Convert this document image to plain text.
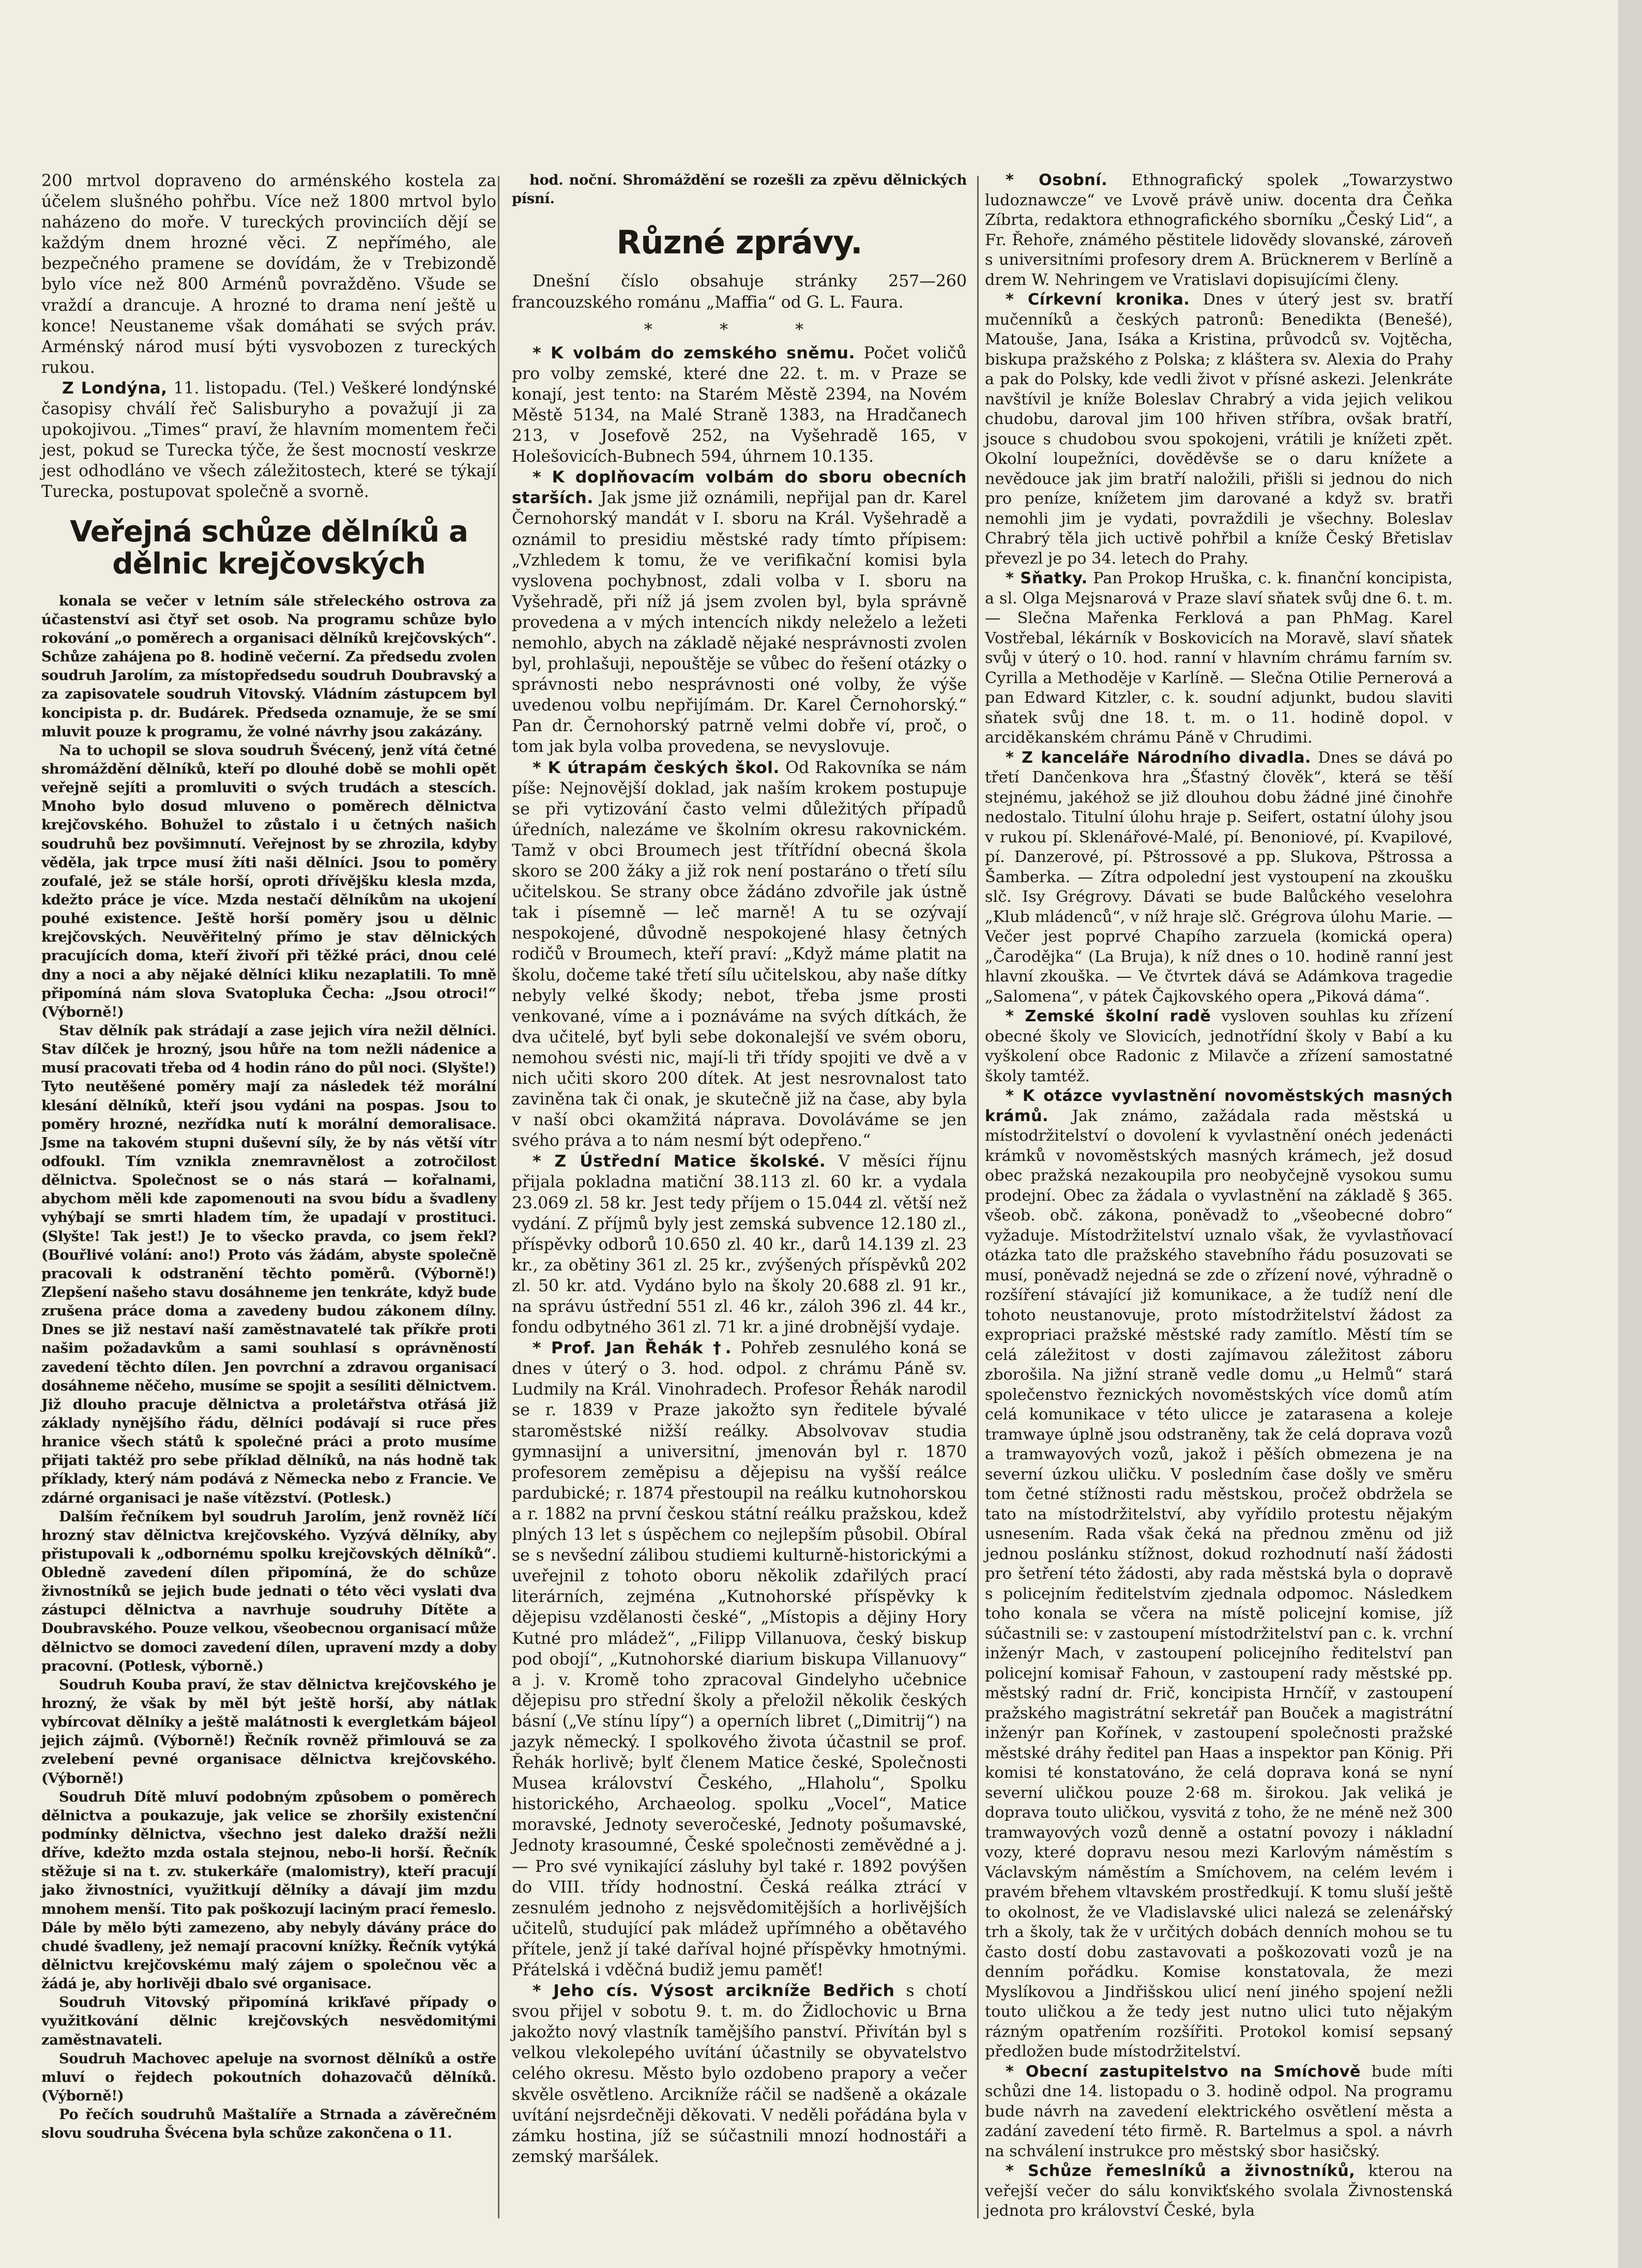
200 mrtvol dopraveno do arménského kostela za účelem slušného pohřbu. Více než 1800 mrtvol bylo naházeno do moře. V tureckých provinciích dějí se každým dnem hrozné věci. Z nepřímého, ale bezpečného pramene se dovídám, že v Trebizondě bylo více než 800 Arménů povražděno. Všude se vraždí a drancuje. A hrozné to drama není ještě u konce! Neustaneme však domáhati se svých práv. Arménský národ musí býti vysvobozen z tureckých rukou.

Z Londýna, 11. listopadu. (Tel.) Veškeré londýnské časopisy chválí řeč Salisburyho a považují ji za upokojivou. „Times“ praví, že hlavním momentem řeči jest, pokud se Turecka týče, že šest mocností veskrze jest odhodláno ve všech záležitostech, které se týkají Turecka, postupovat společně a svorně.

Veřejná schůze dělníků a dělnic krejčovských

konala se večer v letním sále střeleckého ostrova za účastenství asi čtyř set osob. Na programu schůze bylo rokování „o poměrech a organisaci dělníků krejčovských“. Schůze zahájena po 8. hodině večerní. Za předsedu zvolen soudruh Jarolím, za místopředsedu soudruh Doubravský a za zapisovatele soudruh Vitovský. Vládním zástupcem byl koncipista p. dr. Budárek. Předseda oznamuje, že se smí mluvit pouze k programu, že volné návrhy jsou zakázány.

Na to uchopil se slova soudruh Švécený, jenž vítá četné shromáždění dělníků, kteří po dlouhé době se mohli opět veřejně sejíti a promluviti o svých trudách a stescích. Mnoho bylo dosud mluveno o poměrech dělnictva krejčovského. Bohužel to zůstalo i u četných našich soudruhů bez povšimnutí. Veřejnost by se zhrozila, kdyby věděla, jak trpce musí žíti naši dělníci. Jsou to poměry zoufalé, jež se stále horší, oproti dřívějšku klesla mzda, kdežto práce je více. Mzda nestačí dělníkům na ukojení pouhé existence. Ještě horší poměry jsou u dělnic krejčovských. Neuvěřitelný přímo je stav dělnických pracujících doma, kteří živoří při těžké práci, dnou celé dny a noci a aby nějaké dělníci kliku nezaplatili. To mně připomíná nám slova Svatopluka Čecha: „Jsou otroci!“ (Výborně!)

Stav dělník pak strádají a zase jejich víra nežil dělníci. Stav dílček je hrozný, jsou hůře na tom nežli nádenice a musí pracovati třeba od 4 hodin ráno do půl noci. (Slyšte!) Tyto neutěšené poměry mají za následek též morální klesání dělníků, kteří jsou vydáni na pospas. Jsou to poměry hrozné, nezřídka nutí k morální demoralisace. Jsme na takovém stupni duševní síly, že by nás větší vítr odfoukl. Tím vznikla znemravnělost a zotročilost dělnictva. Společnost se o nás stará — kořalnami, abychom měli kde zapomenouti na svou bídu a švadleny vyhýbají se smrti hladem tím, že upadají v prostituci. (Slyšte! Tak jest!) Je to všecko pravda, co jsem řekl? (Bouřlivé volání: ano!) Proto vás žádám, abyste společně pracovali k odstranění těchto poměrů. (Výborně!) Zlepšení našeho stavu dosáhneme jen tenkráte, když bude zrušena práce doma a zavedeny budou zákonem dílny. Dnes se již nestaví naší zaměstnavatelé tak příkře proti našim požadavkům a sami souhlasí s oprávněností zavedení těchto dílen. Jen povrchní a zdravou organisací dosáhneme něčeho, musíme se spojit a sesíliti dělnictvem. Již dlouho pracuje dělnictva a proletářstva otřásá již základy nynějšího řádu, dělníci podávají si ruce přes hranice všech států k společné práci a proto musíme přijati taktéž pro sebe příklad dělníků, na nás hodně tak příklady, který nám podává z Německa nebo z Francie. Ve zdárné organisaci je naše vítězství. (Potlesk.)

Dalším řečníkem byl soudruh Jarolím, jenž rovněž líčí hrozný stav dělnictva krejčovského. Vyzývá dělníky, aby přistupovali k „odbornému spolku krejčovských dělníků“. Obledně zavedení dílen připomíná, že do schůze živnostníků se jejich bude jednati o této věci vyslati dva zástupci dělnictva a navrhuje soudruhy Dítěte a Doubravského. Pouze velkou, všeobecnou organisací může dělnictvo se domoci zavedení dílen, upravení mzdy a doby pracovní. (Potlesk, výborně.)

Soudruh Kouba praví, že stav dělnictva krejčovského je hrozný, že však by měl být ještě horší, aby nátlak vybírcovat dělníky a ještě malátnosti k evergletkám bájeol jejich zájmů. (Výborně!) Řečník rovněž přimlouvá se za zvelebení pevné organisace dělnictva krejčovského. (Výborně!)

Soudruh Dítě mluví podobným způsobem o poměrech dělnictva a poukazuje, jak velice se zhoršily existenční podmínky dělnictva, všechno jest daleko dražší nežli dříve, kdežto mzda ostala stejnou, nebo-li horší. Řečník stěžuje si na t. zv. stukerkáře (malomistry), kteří pracují jako živnostníci, využitkují dělníky a dávají jim mzdu mnohem menší. Tito pak poškozují laciným prací řemeslo. Dále by mělo býti zamezeno, aby nebyly dávány práce do chudé švadleny, jež nemají pracovní knížky. Řečník vytýká dělnictvu krejčovskému malý zájem o společnou věc a žádá je, aby horlivěji dbalo své organisace.

Soudruh Vitovský připomíná krikľavé případy o využitkování dělnic krejčovských nesvědomitými zaměstnavateli.

Soudruh Machovec apeluje na svornost dělníků a ostře mluví o řejdech pokoutních dohazovačů dělníků. (Výborně!)

Po řečích soudruhů Maštalíře a Strnada a závěrečném slovu soudruha Švécena byla schůze zakončena o 11.

hod. noční. Shromáždění se rozešli za zpěvu dělnických písní.

Různé zprávy.

Dnešní číslo obsahuje stránky 257—260 francouzského románu „Maffia“ od G. L. Faura.

* * *

* K volbám do zemského sněmu. Počet voličů pro volby zemské, které dne 22. t. m. v Praze se konají, jest tento: na Starém Městě 2394, na Novém Městě 5134, na Malé Straně 1383, na Hradčanech 213, v Josefově 252, na Vyšehradě 165, v Holešovicích-Bubnech 594, úhrnem 10.135.

* K doplňovacím volbám do sboru obecních starších. Jak jsme již oznámili, nepřijal pan dr. Karel Černohorský mandát v I. sboru na Král. Vyšehradě a oznámil to presidiu městské rady tímto přípisem: „Vzhledem k tomu, že ve verifikační komisi byla vyslovena pochybnost, zdali volba v I. sboru na Vyšehradě, při níž já jsem zvolen byl, byla správně provedena a v mých intencích nikdy neleželo a ležeti nemohlo, abych na základě nějaké nesprávnosti zvolen byl, prohlašuji, nepouštěje se vůbec do řešení otázky o správnosti nebo nesprávnosti oné volby, že výše uvedenou volbu nepřijímám. Dr. Karel Černohorský.“ Pan dr. Černohorský patrně velmi dobře ví, proč, o tom jak byla volba provedena, se nevyslovuje.

* K útrapám českých škol. Od Rakovníka se nám píše: Nejnovější doklad, jak naším krokem postupuje se při vytizování často velmi důležitých případů úředních, nalezáme ve školním okresu rakovnickém. Tamž v obci Broumech jest třítřídní obecná škola skoro se 200 žáky a již rok není postaráno o třetí sílu učitelskou. Se strany obce žádáno zdvořile jak ústně tak i písemně — leč marně! A tu se ozývají nespokojené, důvodně nespokojené hlasy četných rodičů v Broumech, kteří praví: „Když máme platit na školu, dočeme také třetí sílu učitelskou, aby naše dítky nebyly velké škody; nebot, třeba jsme prosti venkované, víme a i poznáváme na svých dítkách, že dva učitelé, byť byli sebe dokonalejší ve svém oboru, nemohou svésti nic, mají-li tři třídy spojiti ve dvě a v nich učiti skoro 200 dítek. At jest nesrovnalost tato zaviněna tak či onak, je skutečně již na čase, aby byla v naší obci okamžitá náprava. Dovoláváme se jen svého práva a to nám nesmí být odepřeno.“

* Z Ústřední Matice školské. V měsíci říjnu přijala pokladna matiční 38.113 zl. 60 kr. a vydala 23.069 zl. 58 kr. Jest tedy příjem o 15.044 zl. větší než vydání. Z příjmů byly jest zemská subvence 12.180 zl., příspěvky odborů 10.650 zl. 40 kr., darů 14.139 zl. 23 kr., za obětiny 361 zl. 25 kr., zvýšených příspěvků 202 zl. 50 kr. atd. Vydáno bylo na školy 20.688 zl. 91 kr., na správu ústřední 551 zl. 46 kr., záloh 396 zl. 44 kr., fondu odbytného 361 zl. 71 kr. a jiné drobnější vydaje.

* Prof. Jan Řehák †. Pohřeb zesnulého koná se dnes v úterý o 3. hod. odpol. z chrámu Páně sv. Ludmily na Král. Vinohradech. Profesor Řehák narodil se r. 1839 v Praze jakožto syn ředitele bývalé staroměstské nižší reálky. Absolvovav studia gymnasijní a universitní, jmenován byl r. 1870 profesorem zeměpisu a dějepisu na vyšší reálce pardubické; r. 1874 přestoupil na reálku kutnohorskou a r. 1882 na první českou státní reálku pražskou, kdež plných 13 let s úspěchem co nejlepším působil. Obíral se s nevšední zálibou studiemi kulturně-historickými a uveřejnil z tohoto oboru několik zdařilých prací literárních, zejména „Kutnohorské příspěvky k dějepisu vzdělanosti české“, „Místopis a dějiny Hory Kutné pro mládež“, „Filipp Villanuova, český biskup pod obojí“, „Kutnohorské diarium biskupa Villanuovy“ a j. v. Kromě toho zpracoval Gindelyho učebnice dějepisu pro střední školy a přeložil několik českých básní („Ve stínu lípy“) a operních libret („Dimitrij“) na jazyk německý. I spolkového života účastnil se prof. Řehák horlivě; bylť členem Matice české, Společnosti Musea království Českého, „Hlaholu“, Spolku historického, Archaeolog. spolku „Vocel“, Matice moravské, Jednoty severočeské, Jednoty pošumavské, Jednoty krasoumné, České společnosti zeměvědné a j. — Pro své vynikající zásluhy byl také r. 1892 povýšen do VIII. třídy hodnostní. Česká reálka ztrácí v zesnulém jednoho z nejsvědomitějších a horlivějších učitelů, studující pak mládež upřímného a obětavého přítele, jenž jí také daříval hojné příspěvky hmotnými. Přátelská i vděčná budiž jemu paměť!

* Jeho cís. Výsost arcikníže Bedřich s chotí svou přijel v sobotu 9. t. m. do Židlochovic u Brna jakožto nový vlastník tamějšího panství. Přivítán byl s velkou vlekolepého uvítání účastnily se obyvatelstvo celého okresu. Město bylo ozdobeno prapory a večer skvěle osvětleno. Arcikníže ráčil se nadšeně a okázale uvítání nejsrdečněji děkovati. V neděli pořádána byla v zámku hostina, jíž se súčastnili mnozí hodnostáři a zemský maršálek.

* Osobní. Ethnografický spolek „Towarzystwo ludoznawcze“ ve Lvově právě uniw. docenta dra Čeňka Zíbrta, redaktora ethnografického sborníku „Český Lid“, a Fr. Řehoře, známého pěstitele lidovědy slovanské, zároveň s universitními profesory drem A. Brücknerem v Berlíně a drem W. Nehringem ve Vratislavi dopisujícími členy.

* Církevní kronika. Dnes v úterý jest sv. bratří mučenníků a českých patronů: Benedikta (Benešé), Matouše, Jana, Isáka a Kristina, průvodců sv. Vojtěcha, biskupa pražského z Polska; z kláštera sv. Alexia do Prahy a pak do Polsky, kde vedli život v přísné askezi. Jelenkráte navštívil je kníže Boleslav Chrabrý a vida jejich velikou chudobu, daroval jim 100 hřiven stříbra, ovšak bratří, jsouce s chudobou svou spokojeni, vrátili je knížeti zpět. Okolní loupežníci, dověděvše se o daru knížete a nevědouce jak jim bratří naložili, přišli si jednou do nich pro peníze, knížetem jim darované a když sv. bratři nemohli jim je vydati, povraždili je všechny. Boleslav Chrabrý těla jich uctivě pohřbil a kníže Český Břetislav převezl je po 34. letech do Prahy.

* Sňatky. Pan Prokop Hruška, c. k. finanční koncipista, a sl. Olga Mejsnarová v Praze slaví sňatek svůj dne 6. t. m. — Slečna Mařenka Ferklová a pan PhMag. Karel Vostřebal, lékárník v Boskovicích na Moravě, slaví sňatek svůj v úterý o 10. hod. ranní v hlavním chrámu farním sv. Cyrilla a Methoděje v Karlíně. — Slečna Otilie Pernerová a pan Edward Kitzler, c. k. soudní adjunkt, budou slaviti sňatek svůj dne 18. t. m. o 11. hodině dopol. v arciděkanském chrámu Páně v Chrudimi.

* Z kanceláře Národního divadla. Dnes se dává po třetí Dančenkova hra „Šťastný člověk“, která se těší stejnému, jakéhož se již dlouhou dobu žádné jiné činohře nedostalo. Titulní úlohu hraje p. Seifert, ostatní úlohy jsou v rukou pí. Sklenářové-Malé, pí. Benoniové, pí. Kvapilové, pí. Danzerové, pí. Pštrossové a pp. Slukova, Pštrossa a Šamberka. — Zítra odpolední jest vystoupení na zkoušku slč. Isy Grégrovy. Dávati se bude Balůckého veselohra „Klub mládenců“, v níž hraje slč. Grégrova úlohu Marie. — Večer jest poprvé Chapího zarzuela (komická opera) „Čarodějka“ (La Bruja), k níž dnes o 10. hodině ranní jest hlavní zkouška. — Ve čtvrtek dává se Adámkova tragedie „Salomena“, v pátek Čajkovského opera „Piková dáma“.

* Zemské školní radě vysloven souhlas ku zřízení obecné školy ve Slovicích, jednotřídní školy v Babí a ku vyškolení obce Radonic z Milavče a zřízení samostatné školy tamtéž.

* K otázce vyvlastnění novoměstských masných krámů. Jak známo, zažádala rada městská u místodržitelství o dovolení k vyvlastnění onéch jedenácti krámků v novoměstských masných krámech, jež dosud obec pražská nezakoupila pro neobyčejně vysokou sumu prodejní. Obec za žádala o vyvlastnění na základě § 365. všeob. obč. zákona, poněvadž to „všeobecné dobro“ vyžaduje. Místodržitelství uznalo však, že vyvlastňovací otázka tato dle pražského stavebního řádu posuzovati se musí, poněvadž nejedná se zde o zřízení nové, výhradně o rozšíření stávající již komunikace, a že tudíž není dle tohoto neustanovuje, proto místodržitelství žádost za expropriaci pražské městské rady zamítlo. Městí tím se celá záležitost v dosti zajímavou záležitost záboru zborošila. Na jižní straně vedle domu „u Helmů“ stará společenstvo řeznických novoměstských více domů atím celá komunikace v této ulicce je zatarasena a koleje tramwaye úplně jsou odstraněny, tak že celá doprava vozů a tramwayových vozů, jakož i pěších obmezena je na severní úzkou uličku. V posledním čase došly ve směru tom četné stížnosti radu městskou, pročež obdržela se tato na místodržitelství, aby vyřídilo protestu nějakým usnesením. Rada však čeká na přednou změnu od již jednou poslánku stížnost, dokud rozhodnutí naší žádosti pro šetření této žádosti, aby rada městská byla o dopravě s policejním ředitelstvím zjednala odpomoc. Následkem toho konala se včera na místě policejní komise, jíž súčastnili se: v zastoupení místodržitelství pan c. k. vrchní inženýr Mach, v zastoupení policejního ředitelství pan policejní komisař Fahoun, v zastoupení rady městské pp. městský radní dr. Frič, koncipista Hrnčíř, v zastoupení pražského magistrátní sekretář pan Bouček a magistrátní inženýr pan Kořínek, v zastoupení společnosti pražské městské dráhy ředitel pan Haas a inspektor pan König. Při komisi té konstatováno, že celá doprava koná se nyní severní uličkou pouze 2·68 m. širokou. Jak veliká je doprava touto uličkou, vysvitá z toho, že ne méně než 300 tramwayových vozů denně a ostatní povozy i nákladní vozy, které dopravu nesou mezi Karlovým náměstím s Václavským náměstím a Smíchovem, na celém levém i pravém břehem vltavském prostředkují. K tomu sluší ještě to okolnost, že ve Vladislavské ulici nalezá se zelenářský trh a školy, tak že v určitých dobách denních mohou se tu často dostí dobu zastavovati a poškozovati vozů je na denním pořádku. Komise konstatovala, že mezi Myslíkovou a Jindřišskou ulicí není jiného spojení nežli touto uličkou a že tedy jest nutno ulici tuto nějakým rázným opatřením rozšířiti. Protokol komisí sepsaný předložen bude místodržitelství.

* Obecní zastupitelstvo na Smíchově bude míti schůzi dne 14. listopadu o 3. hodině odpol. Na programu bude návrh na zavedení elektrického osvětlení města a zadání zavedení této firmě. R. Bartelmus a spol. a návrh na schválení instrukce pro městský sbor hasičský.

* Schůze řemeslníků a živnostníků, kterou na veřejší večer do sálu konvikťského svolala Živnostenská jednota pro království České, byla
